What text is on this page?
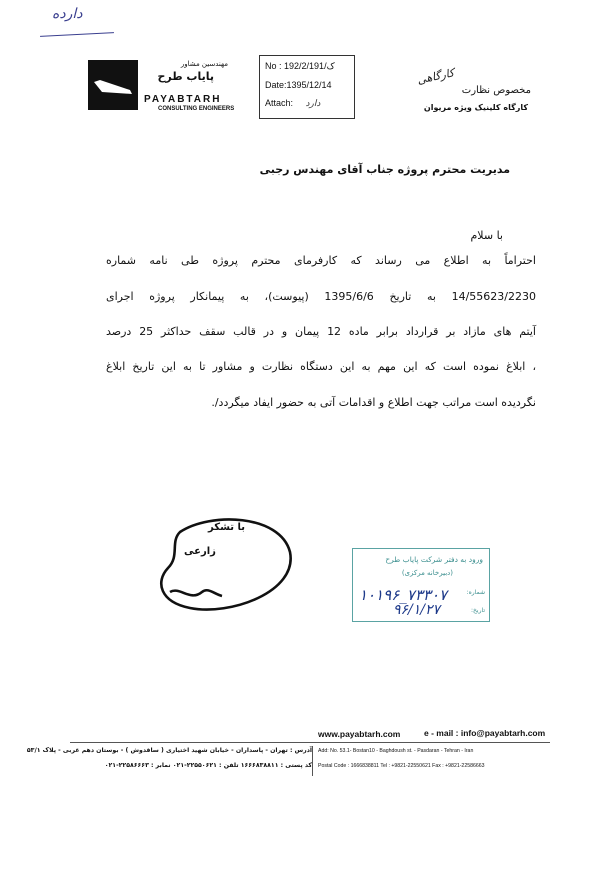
دارده
مهندسین مشاور
پایاب طرح
PAYABTARH
CONSULTING ENGINEERS
No : 192/2/ک/191
Date:1395/12/14
Attach: دارد
کارگاهی
مخصوص نظارت
کارگاه کلینیک ویژه مریوان
مدیریت محترم پروژه جناب آقای مهندس رجبی
با سلام
احتراماً به اطلاع می رساند که کارفرمای محترم پروژه طی نامه شماره
14/55623/2230 به تاریخ 1395/6/6 (پیوست)، به پیمانکار پروژه اجرای
آیتم های مازاد بر قرارداد برابر ماده 12 پیمان و در قالب سقف حداکثر 25 درصد
، ابلاغ نموده است که این مهم به این دستگاه نظارت و مشاور تا به این تاریخ ابلاغ
نگردیده است مراتب جهت اطلاع و اقدامات آتی به حضور ایفاد میگردد/.
با تشکر
زارعی
ورود به دفتر شرکت پایاب طرح
(دبیرخانه مرکزی)
شماره:
۱۰۱۹۶_۷۳۳۰۷
تاریخ:
۹۶/۱/۲۷
www.payabtarh.com	e - mail : info@payabtarh.com
آدرس : تهران - پاسداران - خیابان شهید اختیاری ( ساقدوش ) - بوستان دهم غربی - پلاک ۵۳/۱
کد پستی : ۱۶۶۶۸۳۸۸۱۱ تلفن : ۲۲۵۵۰۶۲۱-۰۲۱ نمابر : ۲۲۵۸۶۶۶۳-۰۲۱
Add: No. 53.1- Bostan10 - Baghdoush st. - Pasdaran - Tehran - Iran
Postal Code : 1666838811 Tel : +9821-22550621 Fax : +9821-22586663
